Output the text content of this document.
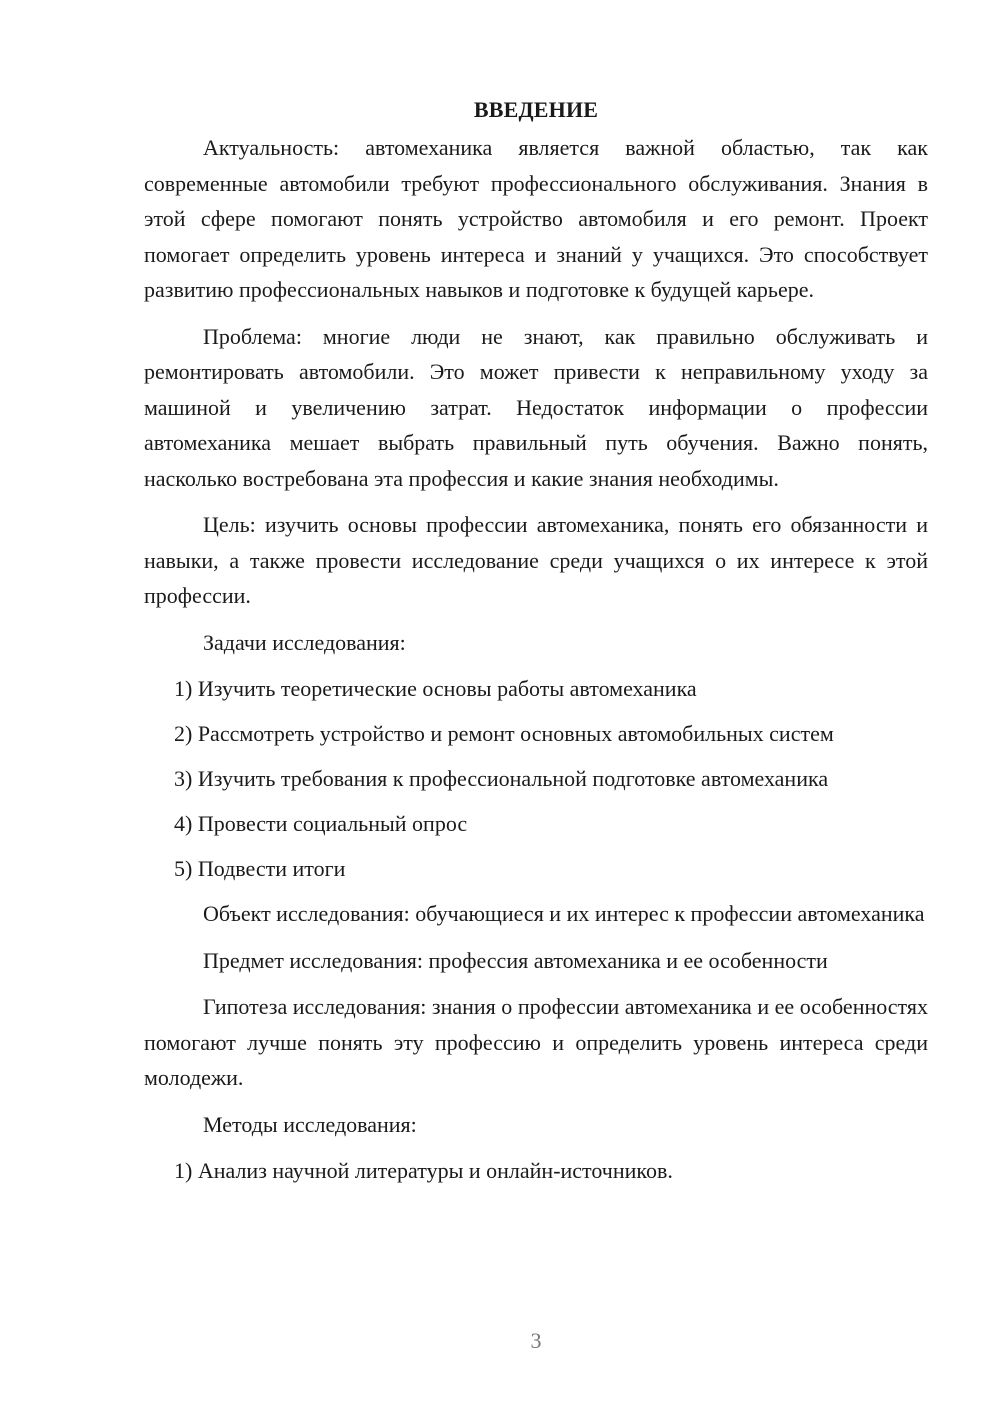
ВВЕДЕНИЕ

Актуальность: автомеханика является важной областью, так как современные автомобили требуют профессионального обслуживания. Знания в этой сфере помогают понять устройство автомобиля и его ремонт. Проект помогает определить уровень интереса и знаний у учащихся. Это способствует развитию профессиональных навыков и подготовке к будущей карьере.

Проблема: многие люди не знают, как правильно обслуживать и ремонтировать автомобили. Это может привести к неправильному уходу за машиной и увеличению затрат. Недостаток информации о профессии автомеханика мешает выбрать правильный путь обучения. Важно понять, насколько востребована эта профессия и какие знания необходимы.

Цель: изучить основы профессии автомеханика, понять его обязанности и навыки, а также провести исследование среди учащихся о их интересе к этой профессии.

Задачи исследования:

1) Изучить теоретические основы работы автомеханика
2) Рассмотреть устройство и ремонт основных автомобильных систем
3) Изучить требования к профессиональной подготовке автомеханика
4) Провести социальный опрос
5) Подвести итоги

Объект исследования: обучающиеся и их интерес к профессии автомеханика

Предмет исследования: профессия автомеханика и ее особенности

Гипотеза исследования: знания о профессии автомеханика и ее особенностях помогают лучше понять эту профессию и определить уровень интереса среди молодежи.

Методы исследования:

1) Анализ научной литературы и онлайн-источников.
3
